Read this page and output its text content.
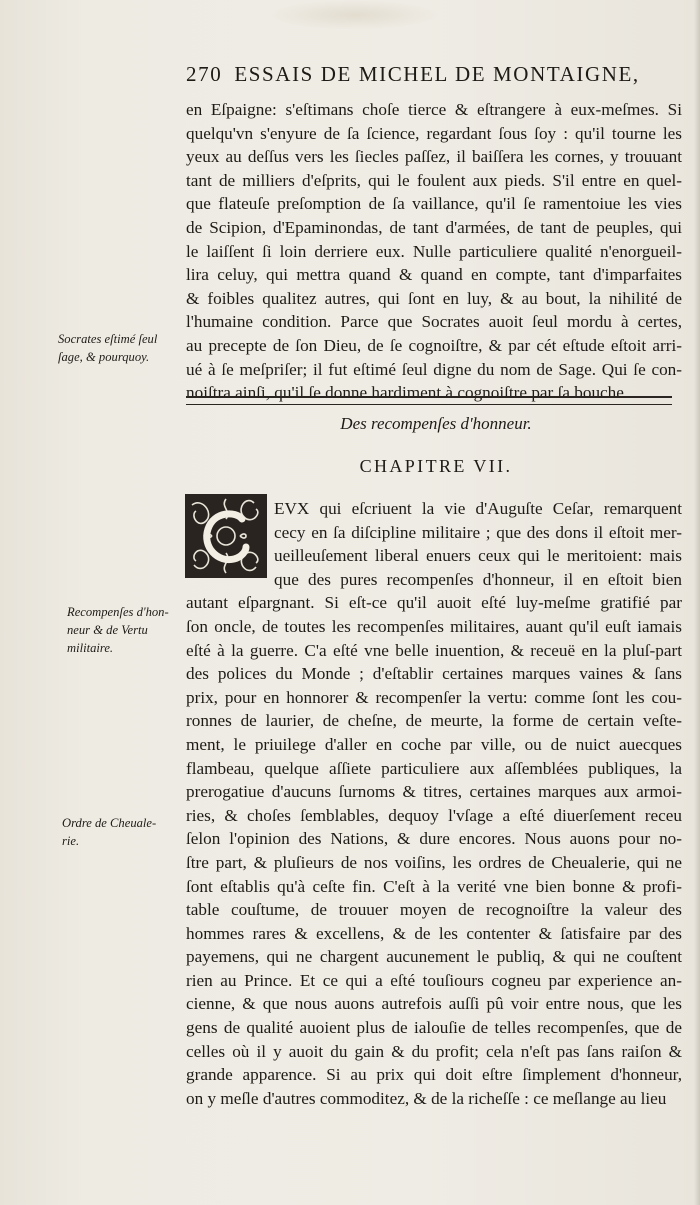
270 ESSAIS DE MICHEL DE MONTAIGNE,
en Eſpaigne: s'eſtimans choſe tierce & eſtrangere à eux-meſmes. Si
quelqu'vn s'enyure de ſa ſcience, regardant ſous ſoy : qu'il tourne les
yeux au deſſus vers les ſiecles paſſez, il baiſſera les cornes, y trouuant
tant de milliers d'eſprits, qui le foulent aux pieds. S'il entre en quel-
que flateuſe preſomption de ſa vaillance, qu'il ſe ramentoiue les vies
de Scipion, d'Epaminondas, de tant d'armées, de tant de peuples, qui
le laiſſent ſi loin derriere eux. Nulle particuliere qualité n'enorgueil-
lira celuy, qui mettra quand & quand en compte, tant d'imparfaites
& foibles qualitez autres, qui ſont en luy, & au bout, la nihilité de
l'humaine condition. Parce que Socrates auoit ſeul mordu à certes,
au precepte de ſon Dieu, de ſe cognoiſtre, & par cét eſtude eſtoit arri-
ué à ſe meſpriſer; il fut eſtimé ſeul digne du nom de Sage. Qui ſe con-
noiſtra ainſi, qu'il ſe donne hardiment à cognoiſtre par ſa bouche.
Socrates eſtimé ſeul
ſage, & pourquoy.
Des recompenſes d'honneur.
CHAPITRE VII.
EVX qui eſcriuent la vie d'Auguſte Ceſar, remarquent
cecy en ſa diſcipline militaire ; que des dons il eſtoit mer-
ueilleuſement liberal enuers ceux qui le meritoient: mais
que des pures recompenſes d'honneur, il en eſtoit bien
autant eſpargnant. Si eſt-ce qu'il auoit eſté luy-meſme gratifié par
ſon oncle, de toutes les recompenſes militaires, auant qu'il euſt iamais
eſté à la guerre. C'a eſté vne belle inuention, & receuë en la pluſ-part
des polices du Monde ; d'eſtablir certaines marques vaines & ſans
prix, pour en honnorer & recompenſer la vertu: comme ſont les cou-
ronnes de laurier, de cheſne, de meurte, la forme de certain veſte-
ment, le priuilege d'aller en coche par ville, ou de nuict auecques
flambeau, quelque aſſiete particuliere aux aſſemblées publiques, la
prerogatiue d'aucuns ſurnoms & titres, certaines marques aux armoi-
ries, & choſes ſemblables, dequoy l'vſage a eſté diuerſement receu
ſelon l'opinion des Nations, & dure encores. Nous auons pour no-
ſtre part, & pluſieurs de nos voiſins, les ordres de Cheualerie, qui ne
ſont eſtablis qu'à ceſte fin. C'eſt à la verité vne bien bonne & profi-
table couſtume, de trouuer moyen de recognoiſtre la valeur des
hommes rares & excellens, & de les contenter & ſatisfaire par des
payemens, qui ne chargent aucunement le publiq, & qui ne couſtent
rien au Prince. Et ce qui a eſté touſiours cogneu par experience an-
cienne, & que nous auons autrefois auſſi pû voir entre nous, que les
gens de qualité auoient plus de ialouſie de telles recompenſes, que de
celles où il y auoit du gain & du profit; cela n'eſt pas ſans raiſon &
grande apparence. Si au prix qui doit eſtre ſimplement d'honneur,
on y meſle d'autres commoditez, & de la richeſſe : ce meſlange au lieu
Recompenſes d'hon-
neur & de Vertu
militaire.
Ordre de Cheuale-
rie.
